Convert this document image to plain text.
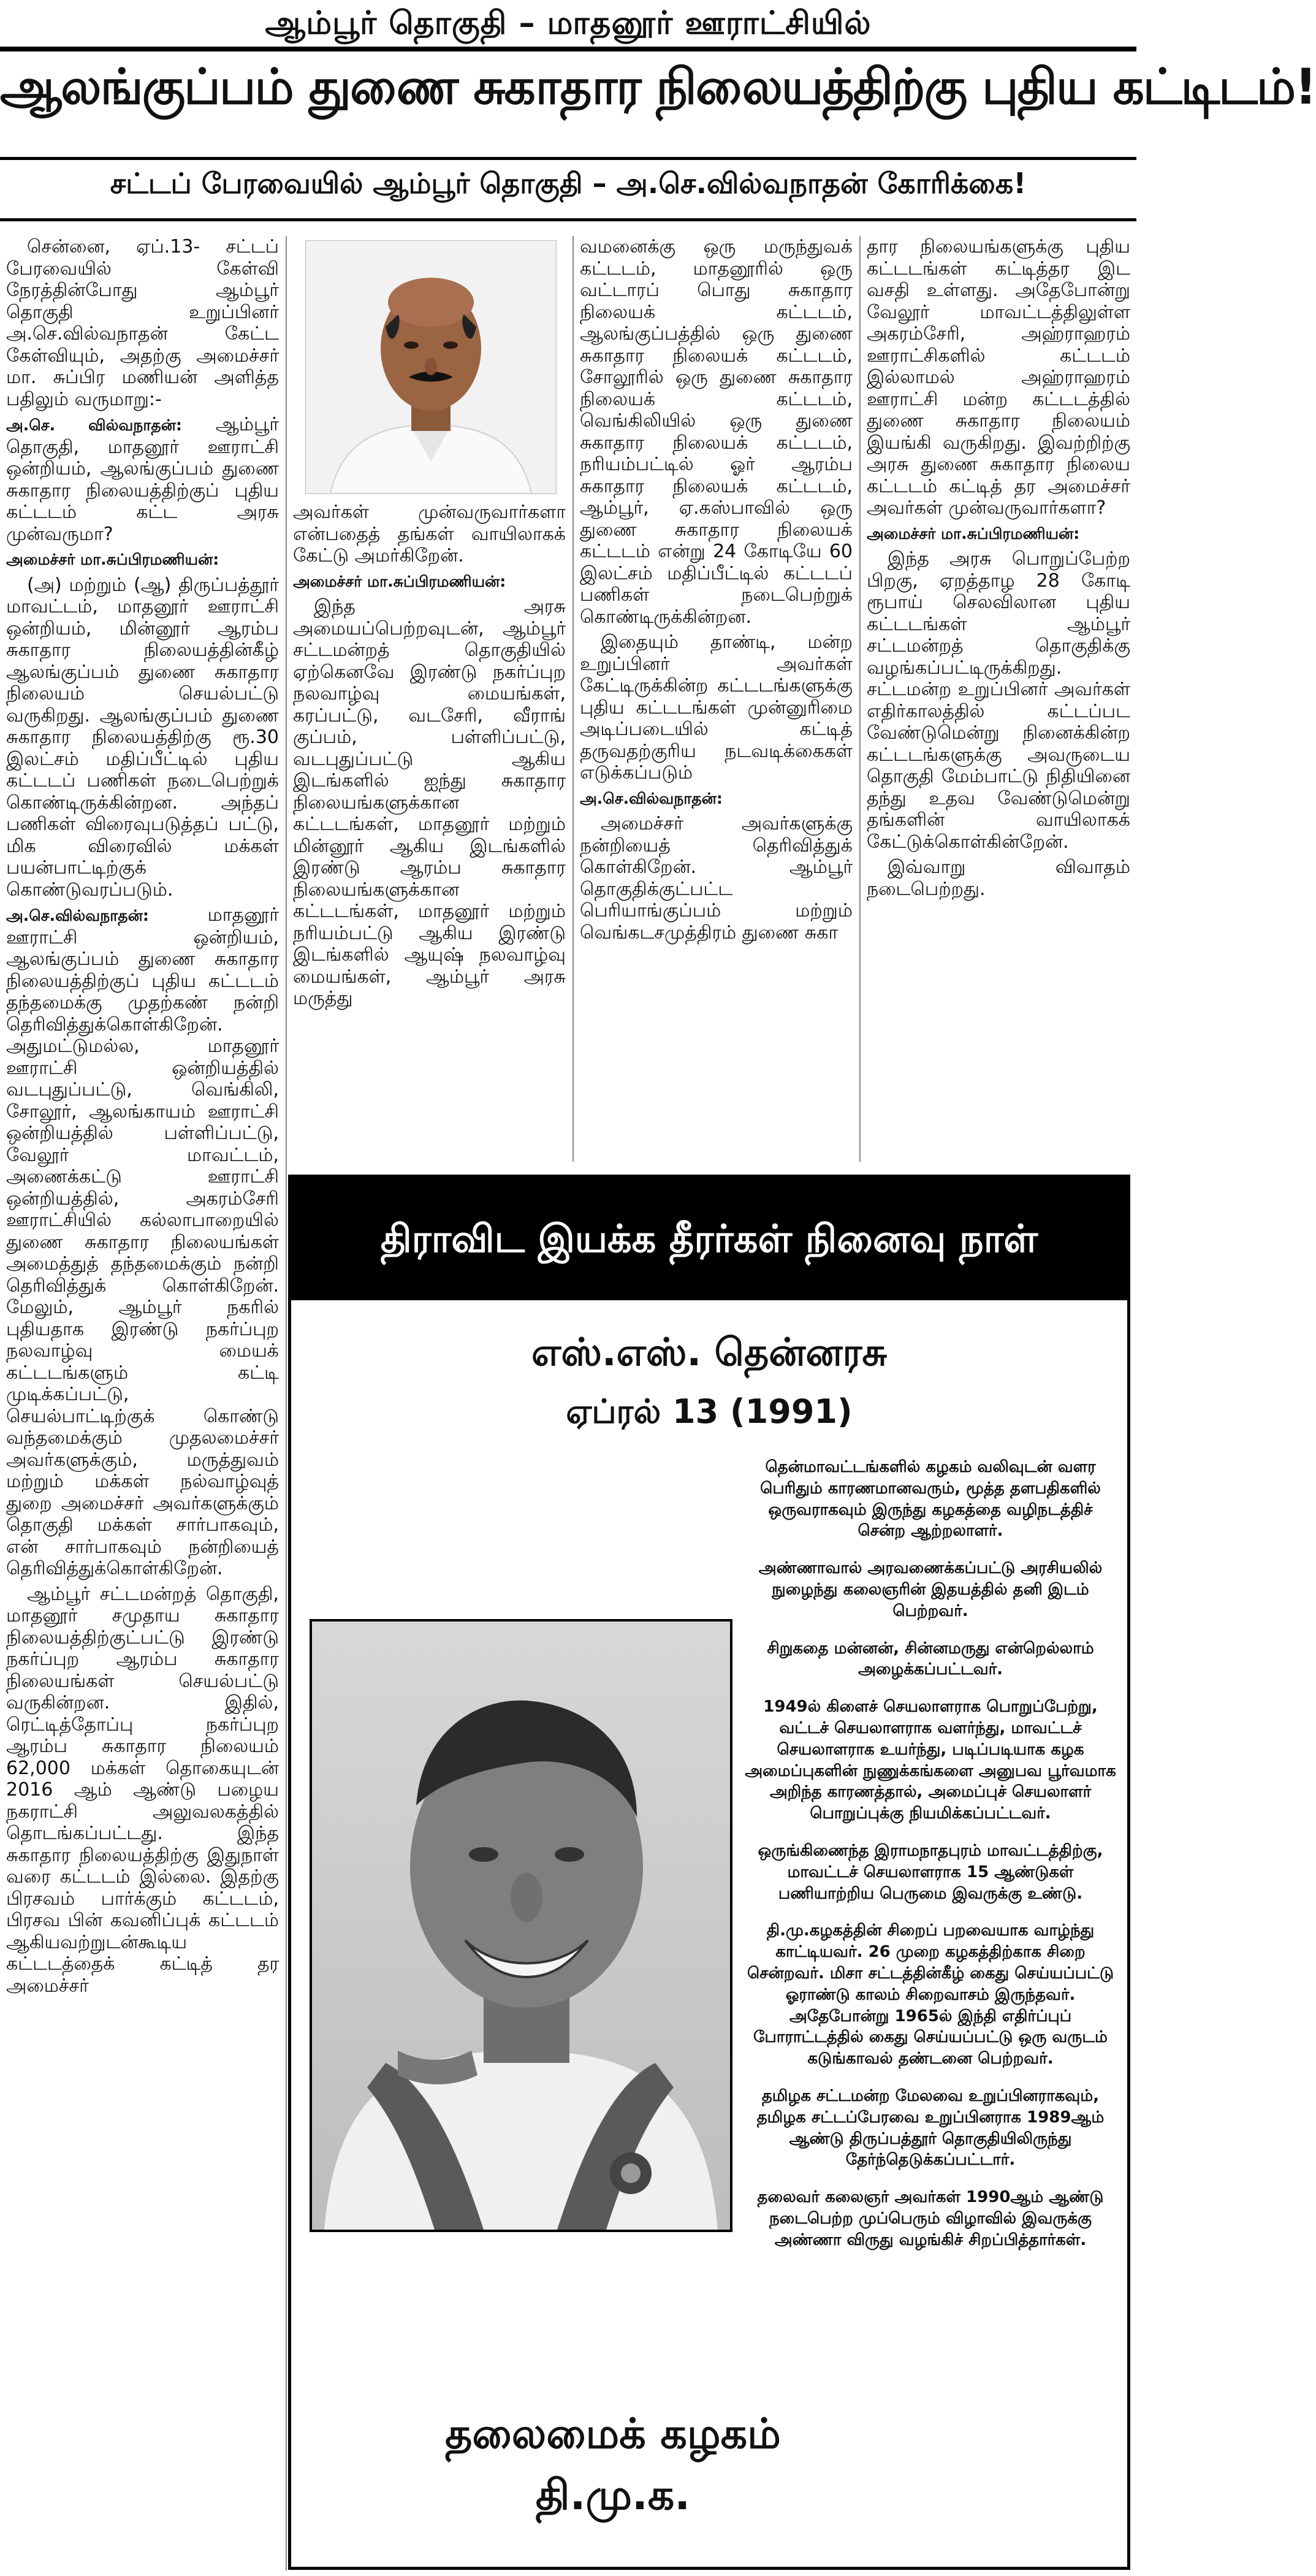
ஆம்பூர் தொகுதி – மாதனூர் ஊராட்சியில்
ஆலங்குப்பம் துணை சுகாதார நிலையத்திற்கு புதிய கட்டிடம்!
சட்டப் பேரவையில் ஆம்பூர் தொகுதி – அ.செ.வில்வநாதன் கோரிக்கை!

சென்னை, ஏப்.13- சட்டப் பேரவையில் கேள்வி நேரத்தின்போது ஆம்பூர் தொகுதி உறுப்பினர் அ.செ.வில்வநாதன் கேட்ட கேள்வியும், அதற்கு அமைச்சர் மா. சுப்பிர மணியன் அளித்த பதிலும் வருமாறு:-

அ.செ. வில்வநாதன்: ஆம்பூர் தொகுதி, மாதனூர் ஊராட்சி ஒன்றியம், ஆலங்குப்பம் துணை சுகாதார நிலையத்திற்குப் புதிய கட்டடம் கட்ட அரசு முன்வருமா?

அமைச்சர் மா.சுப்பிரமணியன்:

(அ) மற்றும் (ஆ) திருப்பத்தூர் மாவட்டம், மாதனூர் ஊராட்சி ஒன்றியம், மின்னூர் ஆரம்ப சுகாதார நிலையத்தின்கீழ் ஆலங்குப்பம் துணை சுகாதார நிலையம் செயல்பட்டு வருகிறது. ஆலங்குப்பம் துணை சுகாதார நிலையத்திற்கு ரூ.30 இலட்சம் மதிப்பீட்டில் புதிய கட்டடப் பணிகள் நடைபெற்றுக் கொண்டிருக்கின்றன. அந்தப் பணிகள் விரைவுபடுத்தப் பட்டு, மிக விரைவில் மக்கள் பயன்பாட்டிற்குக் கொண்டுவரப்படும்.

அ.செ.வில்வநாதன்:	மாதனூர் ஊராட்சி ஒன்றியம், ஆலங்குப்பம் துணை சுகாதார நிலையத்திற்குப் புதிய கட்டடம் தந்தமைக்கு முதற்கண் நன்றி தெரிவித்துக்கொள்கிறேன். அதுமட்டுமல்ல, மாதனூர் ஊராட்சி ஒன்றியத்தில் வடபுதுப்பட்டு, வெங்கிலி, சோலூர், ஆலங்காயம் ஊராட்சி ஒன்றியத்தில் பள்ளிப்பட்டு, வேலூர் மாவட்டம், அணைக்கட்டு ஊராட்சி ஒன்றியத்தில், அகரம்சேரி ஊராட்சியில் கல்லாபாறையில் துணை சுகாதார நிலையங்கள் அமைத்துத் தந்தமைக்கும் நன்றி தெரிவித்துக் கொள்கிறேன். மேலும், ஆம்பூர் நகரில் புதியதாக இரண்டு நகர்ப்புற நலவாழ்வு மையக் கட்டடங்களும் கட்டி முடிக்கப்பட்டு, செயல்பாட்டிற்குக் கொண்டு வந்தமைக்கும் முதலமைச்சர் அவர்களுக்கும், மருத்துவம் மற்றும் மக்கள் நல்வாழ்வுத் துறை அமைச்சர் அவர்களுக்கும் தொகுதி மக்கள் சார்பாகவும், என் சார்பாகவும் நன்றியைத் தெரிவித்துக்கொள்கிறேன்.

ஆம்பூர் சட்டமன்றத் தொகுதி, மாதனூர் சமுதாய சுகாதார நிலையத்திற்குட்பட்டு இரண்டு நகர்ப்புற ஆரம்ப சுகாதார நிலையங்கள் செயல்பட்டு வருகின்றன. இதில், ரெட்டித்தோப்பு நகர்ப்புற ஆரம்ப சுகாதார நிலையம் 62,000 மக்கள் தொகையுடன் 2016 ஆம் ஆண்டு பழைய நகராட்சி அலுவலகத்தில் தொடங்கப்பட்டது. இந்த சுகாதார நிலையத்திற்கு இதுநாள் வரை கட்டடம் இல்லை. இதற்கு பிரசவம் பார்க்கும் கட்டடம், பிரசவ பின் கவனிப்புக் கட்டடம் ஆகியவற்றுடன்கூடிய கட்டடத்தைக் கட்டித் தர அமைச்சர்

அவர்கள் முன்வருவார்களா என்பதைத் தங்கள் வாயிலாகக் கேட்டு அமர்கிறேன்.

அமைச்சர் மா.சுப்பிரமணியன்:

இந்த அரசு அமையப்பெற்றவுடன், ஆம்பூர் சட்டமன்றத் தொகுதியில் ஏற்கெனவே இரண்டு நகர்ப்புற நலவாழ்வு மையங்கள், கரப்பட்டு, வடசேரி, வீராங் குப்பம், பள்ளிப்பட்டு, வடபுதுப்பட்டு ஆகிய இடங்களில் ஐந்து சுகாதார நிலையங்களுக்கான கட்டடங்கள், மாதனூர் மற்றும் மின்னூர் ஆகிய இடங்களில் இரண்டு ஆரம்ப சுகாதார நிலையங்களுக்கான கட்டடங்கள், மாதனூர் மற்றும் நரியம்பட்டு ஆகிய இரண்டு இடங்களில் ஆயுஷ் நலவாழ்வு மையங்கள், ஆம்பூர் அரசு மருத்து

வமனைக்கு ஒரு மருந்துவக் கட்டடம், மாதனூரில் ஒரு வட்டாரப் பொது சுகாதார நிலையக் கட்டடம், ஆலங்குப்பத்தில் ஒரு துணை சுகாதார நிலையக் கட்டடம், சோலூரில் ஒரு துணை சுகாதார நிலையக் கட்டடம், வெங்கிலியில் ஒரு துணை சுகாதார நிலையக் கட்டடம், நரியம்பட்டில் ஓர் ஆரம்ப சுகாதார நிலையக் கட்டடம், ஆம்பூர், ஏ.கஸ்பாவில் ஒரு துணை சுகாதார நிலையக் கட்டடம் என்று 24 கோடியே 60 இலட்சம் மதிப்பீட்டில் கட்டடப் பணிகள் நடைபெற்றுக் கொண்டிருக்கின்றன.

இதையும் தாண்டி, மன்ற உறுப்பினர் அவர்கள் கேட்டிருக்கின்ற கட்டடங்களுக்கு புதிய கட்டடங்கள் முன்னுரிமை அடிப்படையில் கட்டித் தருவதற்குரிய நடவடிக்கைகள் எடுக்கப்படும்

அ.செ.வில்வநாதன்:

அமைச்சர் அவர்களுக்கு நன்றியைத் தெரிவித்துக் கொள்கிறேன். ஆம்பூர் தொகுதிக்குட்பட்ட பெரியாங்குப்பம் மற்றும் வெங்கடசமுத்திரம் துணை சுகா

தார நிலையங்களுக்கு புதிய கட்டடங்கள் கட்டித்தர இட வசதி உள்ளது. அதேபோன்று வேலூர் மாவட்டத்திலுள்ள அகரம்சேரி, அஹ்ராஹரம் ஊராட்சிகளில் கட்டடம் இல்லாமல் அஹ்ராஹரம் ஊராட்சி மன்ற கட்டடத்தில் துணை சுகாதார நிலையம் இயங்கி வருகிறது. இவற்றிற்கு அரசு துணை சுகாதார நிலைய கட்டடம் கட்டித் தர அமைச்சர் அவர்கள் முன்வருவார்களா?

அமைச்சர் மா.சுப்பிரமணியன்:

இந்த அரசு பொறுப்பேற்ற பிறகு, ஏறத்தாழ 28 கோடி ரூபாய் செலவிலான புதிய கட்டடங்கள் ஆம்பூர் சட்டமன்றத் தொகுதிக்கு வழங்கப்பட்டிருக்கிறது. சட்டமன்ற உறுப்பினர் அவர்கள் எதிர்காலத்தில் கட்டப்பட வேண்டுமென்று நினைக்கின்ற கட்டடங்களுக்கு அவருடைய தொகுதி மேம்பாட்டு நிதியினை தந்து உதவ வேண்டுமென்று தங்களின் வாயிலாகக் கேட்டுக்கொள்கின்றேன்.

இவ்வாறு விவாதம் நடைபெற்றது.

திராவிட இயக்க தீரர்கள் நினைவு நாள்
எஸ்.எஸ். தென்னரசு
ஏப்ரல் 13 (1991)

தென்மாவட்டங்களில் கழகம் வலிவுடன் வளர பெரிதும் காரணமானவரும், மூத்த தளபதிகளில் ஒருவராகவும் இருந்து கழகத்தை வழிநடத்திச் சென்ற ஆற்றலாளர்.

அண்ணாவால் அரவணைக்கப்பட்டு அரசியலில் நுழைந்து கலைஞரின் இதயத்தில் தனி இடம் பெற்றவர்.

சிறுகதை மன்னன், சின்னமருது என்றெல்லாம் அழைக்கப்பட்டவர்.

1949ல் கிளைச் செயலாளராக பொறுப்பேற்று, வட்டச் செயலாளராக வளர்ந்து, மாவட்டச் செயலாளராக உயர்ந்து, படிப்படியாக கழக அமைப்புகளின் நுணுக்கங்களை அனுபவ பூர்வமாக அறிந்த காரணத்தால், அமைப்புச் செயலாளர் பொறுப்புக்கு நியமிக்கப்பட்டவர்.

ஒருங்கிணைந்த இராமநாதபுரம் மாவட்டத்திற்கு, மாவட்டச் செயலாளராக 15 ஆண்டுகள் பணியாற்றிய பெருமை இவருக்கு உண்டு.

தி.மு.கழகத்தின் சிறைப் பறவையாக வாழ்ந்து காட்டியவர். 26 முறை கழகத்திற்காக சிறை சென்றவர். மிசா சட்டத்தின்கீழ் கைது செய்யப்பட்டு ஓராண்டு காலம் சிறைவாசம் இருந்தவர். அதேபோன்று 1965ல் இந்தி எதிர்ப்புப் போராட்டத்தில் கைது செய்யப்பட்டு ஒரு வருடம் கடுங்காவல் தண்டனை பெற்றவர்.

தமிழக சட்டமன்ற மேலவை உறுப்பினராகவும், தமிழக சட்டப்பேரவை உறுப்பினராக 1989ஆம் ஆண்டு திருப்பத்தூர் தொகுதியிலிருந்து தேர்ந்தெடுக்கப்பட்டார்.

தலைவர் கலைஞர் அவர்கள் 1990ஆம் ஆண்டு நடைபெற்ற முப்பெரும் விழாவில் இவருக்கு அண்ணா விருது வழங்கிச் சிறப்பித்தார்கள்.

தலைமைக் கழகம்
தி.மு.க.
